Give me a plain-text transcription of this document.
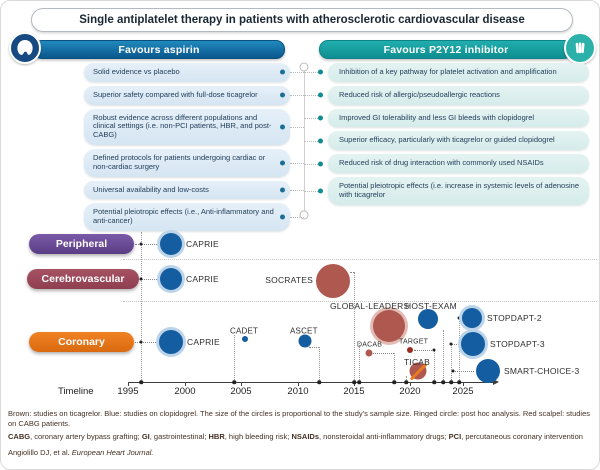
Single antiplatelet therapy in patients with atherosclerotic cardiovascular disease
Favours aspirin	Favours P2Y12 inhibitor
Solid evidence vs placebo
Superior safety compared with full-dose ticagrelor
Robust evidence across different populations and clinical settings (i.e. non-PCI patients, HBR, and post-CABG)
Defined protocols for patients undergoing cardiac or non-cardiac surgery
Universal availability and low-costs
Potential pleiotropic effects (i.e., Anti-inflammatory and anti-cancer)
Inhibition of a key pathway for platelet activation and amplification
Reduced risk of allergic/pseudoallergic reactions
Improved GI tolerability and less GI bleeds with clopidogrel
Superior efficacy, particularly with ticagrelor or guided clopidogrel
Reduced risk of drug interaction with commonly used NSAIDs
Potential pleiotropic effects (i.e. increase in systemic levels of adenosine with ticagrelor
Peripheral
Cerebrovascular
Coronary
Timeline	1995	2000	2005	2010	2015	2020	2025
CAPRIE
CAPRIE	SOCRATES
CAPRIE
CADET	ASCET
GLOBAL-LEADERS
HOST-EXAM
DACAB TARGET
TICAB
STOPDAPT-2
STOPDAPT-3
SMART-CHOICE-3
Brown: studies on ticagrelor. Blue: studies on clopidogrel. The size of the circles is proportional to the study's sample size. Ringed circle: post hoc analysis. Red scalpel: studies on CABG patients.
CABG, coronary artery bypass grafting; GI, gastrointestinal; HBR, high bleeding risk; NSAIDs, nonsteroidal anti-inflammatory drugs; PCI, percutaneous coronary intervention
Angiolillo DJ, et al. European Heart Journal.
